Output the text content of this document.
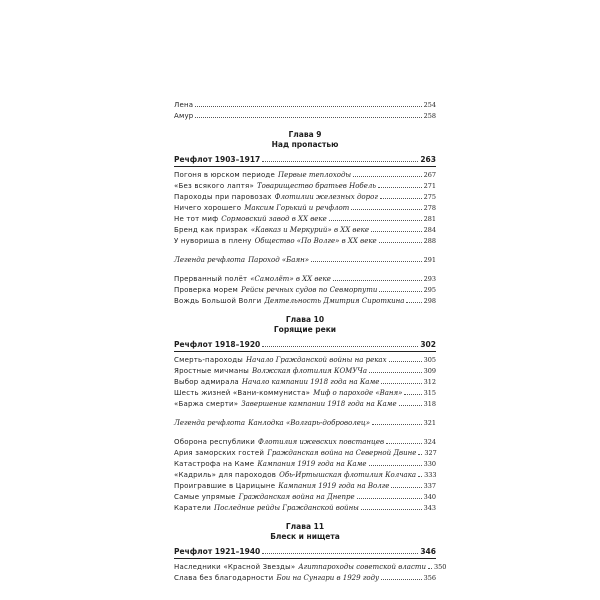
Лена	254
Амур	258
Глава 9
Над пропастью
Речфлот 1903–1917	263
Погоня в юрском периоде Первые теплоходы	267
«Без всякого лаптя» Товарищество братьев Нобель	271
Пароходы при паровозах Флотилии железных дорог	275
Ничего хорошего Максим Горький и речфлот	278
Не тот миф Сормовский завод в XX веке	281
Бренд как призрак «Кавказ и Меркурий» в XX веке	284
У нувориша в плену Общество «По Волге» в XX веке	288
Легенда речфлота Пароход «Баян»	291
Прерванный полёт «Самолёт» в XX веке	293
Проверка морем Рейсы речных судов по Севморпути	295
Вождь Большой Волги Деятельность Дмитрия Сироткина	298
Глава 10
Горящие реки
Речфлот 1918–1920	302
Смерть-пароходы Начало Гражданской войны на реках	305
Яростные мичманы Волжская флотилия КОМУЧа	309
Выбор адмирала Начало кампании 1918 года на Каме	312
Шесть жизней «Вани-коммуниста» Миф о пароходе «Ваня»	315
«Баржа смерти» Завершение кампании 1918 года на Каме	318
Легенда речфлота Канлодка «Волгарь-доброволец»	321
Оборона республики Флотилия ижевских повстанцев	324
Ария заморских гостей Гражданская война на Северной Двине 327
Катастрофа на Каме Кампания 1919 года на Каме	330
«Кадриль» для пароходов Обь-Иртышская флотилия Колчака 333
Проигравшие в Царицыне Кампания 1919 года на Волге	337
Самые упрямые Гражданская война на Днепре	340
Каратели Последние рейды Гражданской войны	343
Глава 11
Блеск и нищета
Речфлот 1921–1940	346
Наследники «Красной Звезды» Агитпароходы советской власти 350
Слава без благодарности Бои на Сунгари в 1929 году	356
